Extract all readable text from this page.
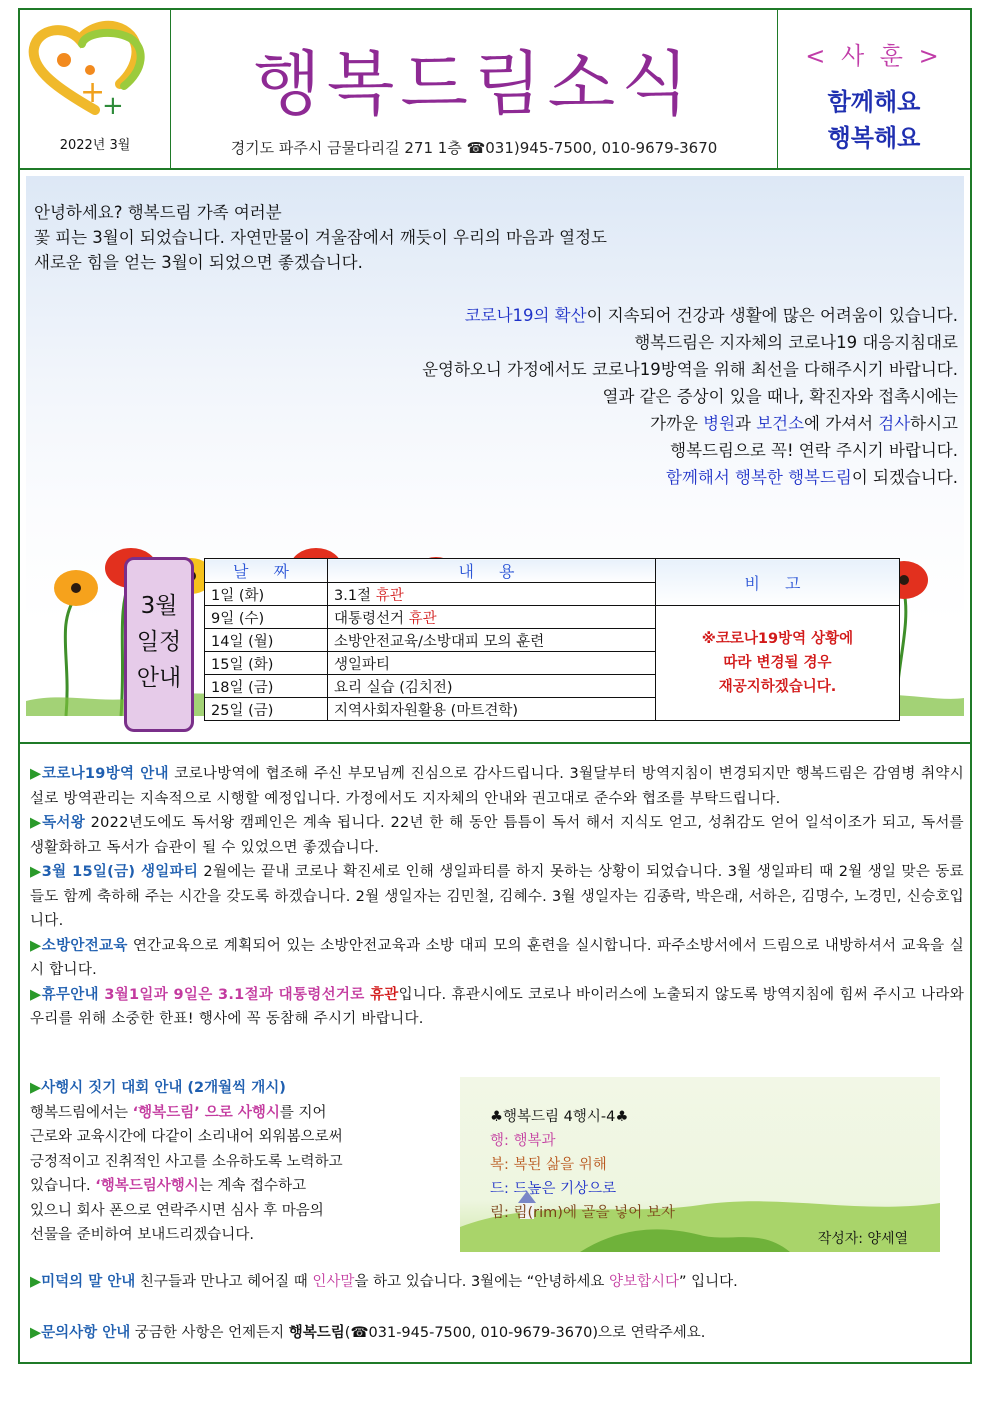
+
+
2022년 3월
행복드림소식
경기도 파주시 금물다리길 271 1층 ☎031)945-7500, 010-9679-3670
< 사 훈 >
함께해요
행복해요

안녕하세요? 행복드림 가족 여러분

꽃 피는 3월이 되었습니다. 자연만물이 겨울잠에서 깨듯이 우리의 마음과 열정도

새로운 힘을 얻는 3월이 되었으면 좋겠습니다.

코로나19의 확산이 지속되어 건강과 생활에 많은 어려움이 있습니다.

행복드림은 지자체의 코로나19 대응지침대로

운영하오니 가정에서도 코로나19방역을 위해 최선을 다해주시기 바랍니다.

열과 같은 증상이 있을 때나, 확진자와 접촉시에는

가까운 병원과 보건소에 가셔서 검사하시고

행복드림으로 꼭! 연락 주시기 바랍니다.

함께해서 행복한 행복드림이 되겠습니다.

3월
일정
안내
날 짜	내 용	비 고
1일 (화)	3.1절 휴관	
9일 (수)	대통령선거 휴관	※코로나19방역 상황에
따라 변경될 경우
재공지하겠습니다.

14일 (월)	소방안전교육/소방대피 모의 훈련	
15일 (화)	생일파티	
18일 (금)	요리 실습 (김치전)	
25일 (금)	지역사회자원활용 (마트견학)	

▶코로나19방역 안내 코로나방역에 협조해 주신 부모님께 진심으로 감사드립니다. 3월달부터 방역지침이 변경되지만 행복드림은 감염병 취약시설로 방역관리는 지속적으로 시행할 예정입니다. 가정에서도 지자체의 안내와 권고대로 준수와 협조를 부탁드립니다.

▶독서왕 2022년도에도 독서왕 캠페인은 계속 됩니다. 22년 한 해 동안 틈틈이 독서 해서 지식도 얻고, 성취감도 얻어 일석이조가 되고, 독서를 생활화하고 독서가 습관이 될 수 있었으면 좋겠습니다.

▶3월 15일(금) 생일파티 2월에는 끝내 코로나 확진세로 인해 생일파티를 하지 못하는 상황이 되었습니다. 3월 생일파티 때 2월 생일 맞은 동료들도 함께 축하해 주는 시간을 갖도록 하겠습니다. 2월 생일자는 김민철, 김혜수. 3월 생일자는 김종락, 박은래, 서하은, 김명수, 노경민, 신승호입니다.

▶소방안전교육 연간교육으로 계획되어 있는 소방안전교육과 소방 대피 모의 훈련을 실시합니다. 파주소방서에서 드림으로 내방하셔서 교육을 실시 합니다.

▶휴무안내 3월1일과 9일은 3.1절과 대통령선거로 휴관입니다. 휴관시에도 코로나 바이러스에 노출되지 않도록 방역지침에 힘써 주시고 나라와 우리를 위해 소중한 한표! 행사에 꼭 동참해 주시기 바랍니다.

▶사행시 짓기 대회 안내 (2개월씩 개시)

행복드림에서는 ‘행복드림’ 으로 사행시를 지어

근로와 교육시간에 다같이 소리내어 외워봄으로써

긍정적이고 진취적인 사고를 소유하도록 노력하고

있습니다. ‘행복드림사행시는 계속 접수하고

있으니 회사 폰으로 연락주시면 심사 후 마음의

선물을 준비하여 보내드리겠습니다.

♣행복드림 4행시-4♣

행: 행복과

복: 복된 삶을 위해

드: 드높은 기상으로

림: 림(rim)에 골을 넣어 보자

작성자: 양세열
▶미덕의 말 안내 친구들과 만나고 헤어질 때 인사말을 하고 있습니다. 3월에는 “안녕하세요 양보합시다” 입니다.
▶문의사항 안내 궁금한 사항은 언제든지 행복드림(☎031-945-7500, 010-9679-3670)으로 연락주세요.
